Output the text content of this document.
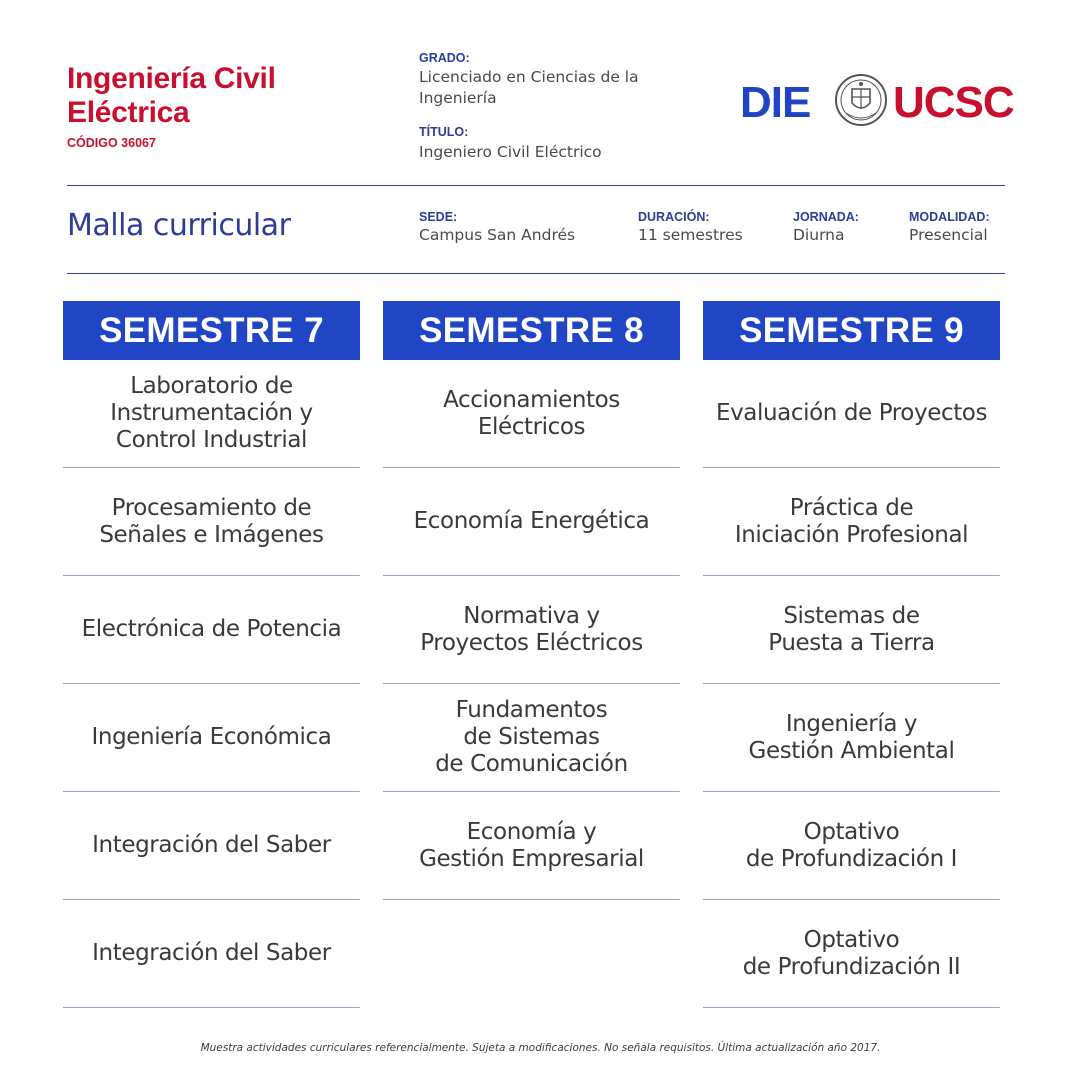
Ingeniería Civil
Eléctrica
CÓDIGO 36067
GRADO:
Licenciado en Ciencias de la Ingeniería
TÍTULO:
Ingeniero Civil Eléctrico
DIE UCSC
Malla curricular	SEDE:
Campus San Andrés
DURACIÓN:
11 semestres
JORNADA:
Diurna
MODALIDAD:
Presencial
SEMESTRE 7
Laboratorio de
Instrumentación y
Control Industrial
Procesamiento de
Señales e Imágenes
Electrónica de Potencia
Ingeniería Económica
Integración del Saber
Integración del Saber
SEMESTRE 8
Accionamientos
Eléctricos
Economía Energética
Normativa y
Proyectos Eléctricos
Fundamentos
de Sistemas
de Comunicación
Economía y
Gestión Empresarial
SEMESTRE 9
Evaluación de Proyectos
Práctica de
Iniciación Profesional
Sistemas de
Puesta a Tierra
Ingeniería y
Gestión Ambiental
Optativo
de Profundización I
Optativo
de Profundización II
Muestra actividades curriculares referencialmente. Sujeta a modificaciones. No señala requisitos. Última actualización año 2017.
